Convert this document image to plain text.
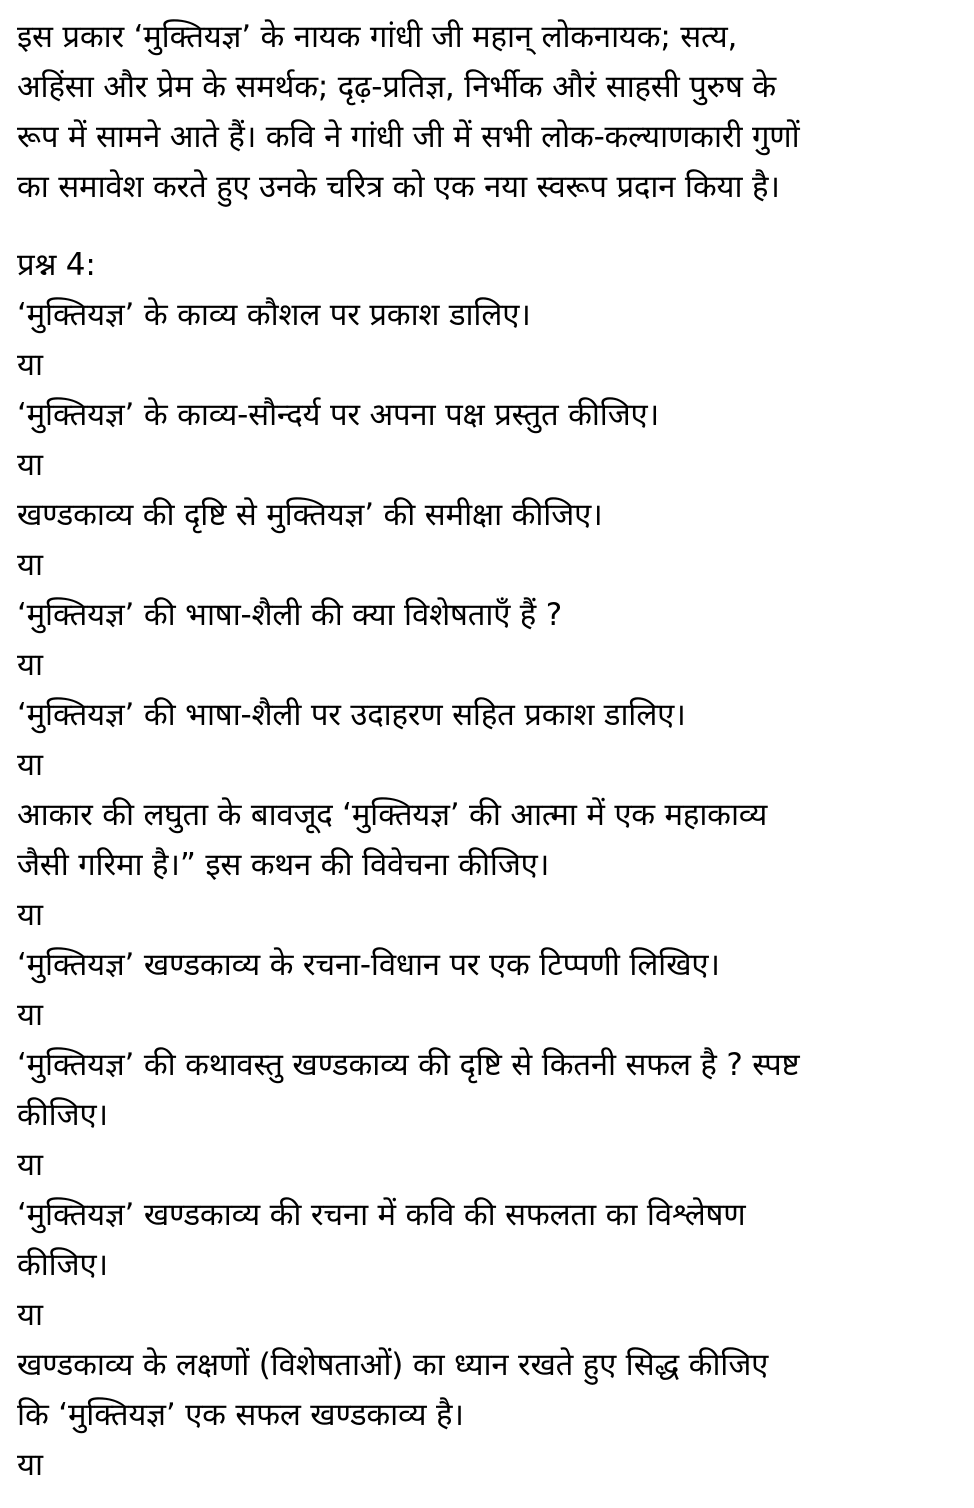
इस प्रकार ‘मुक्तियज्ञ’ के नायक गांधी जी महान् लोकनायक; सत्य,
अहिंसा और प्रेम के समर्थक; दृढ़-प्रतिज्ञ, निर्भीक औरं साहसी पुरुष के
रूप में सामने आते हैं। कवि ने गांधी जी में सभी लोक-कल्याणकारी गुणों
का समावेश करते हुए उनके चरित्र को एक नया स्वरूप प्रदान किया है।
प्रश्न 4:
‘मुक्तियज्ञ’ के काव्य कौशल पर प्रकाश डालिए।
या
‘मुक्तियज्ञ’ के काव्य-सौन्दर्य पर अपना पक्ष प्रस्तुत कीजिए।
या
खण्डकाव्य की दृष्टि से मुक्तियज्ञ’ की समीक्षा कीजिए।
या
‘मुक्तियज्ञ’ की भाषा-शैली की क्या विशेषताएँ हैं ?
या
‘मुक्तियज्ञ’ की भाषा-शैली पर उदाहरण सहित प्रकाश डालिए।
या
आकार की लघुता के बावजूद ‘मुक्तियज्ञ’ की आत्मा में एक महाकाव्य
जैसी गरिमा है।” इस कथन की विवेचना कीजिए।
या
‘मुक्तियज्ञ’ खण्डकाव्य के रचना-विधान पर एक टिप्पणी लिखिए।
या
‘मुक्तियज्ञ’ की कथावस्तु खण्डकाव्य की दृष्टि से कितनी सफल है ? स्पष्ट
कीजिए।
या
‘मुक्तियज्ञ’ खण्डकाव्य की रचना में कवि की सफलता का विश्लेषण
कीजिए।
या
खण्डकाव्य के लक्षणों (विशेषताओं) का ध्यान रखते हुए सिद्ध कीजिए
कि ‘मुक्तियज्ञ’ एक सफल खण्डकाव्य है।
या
